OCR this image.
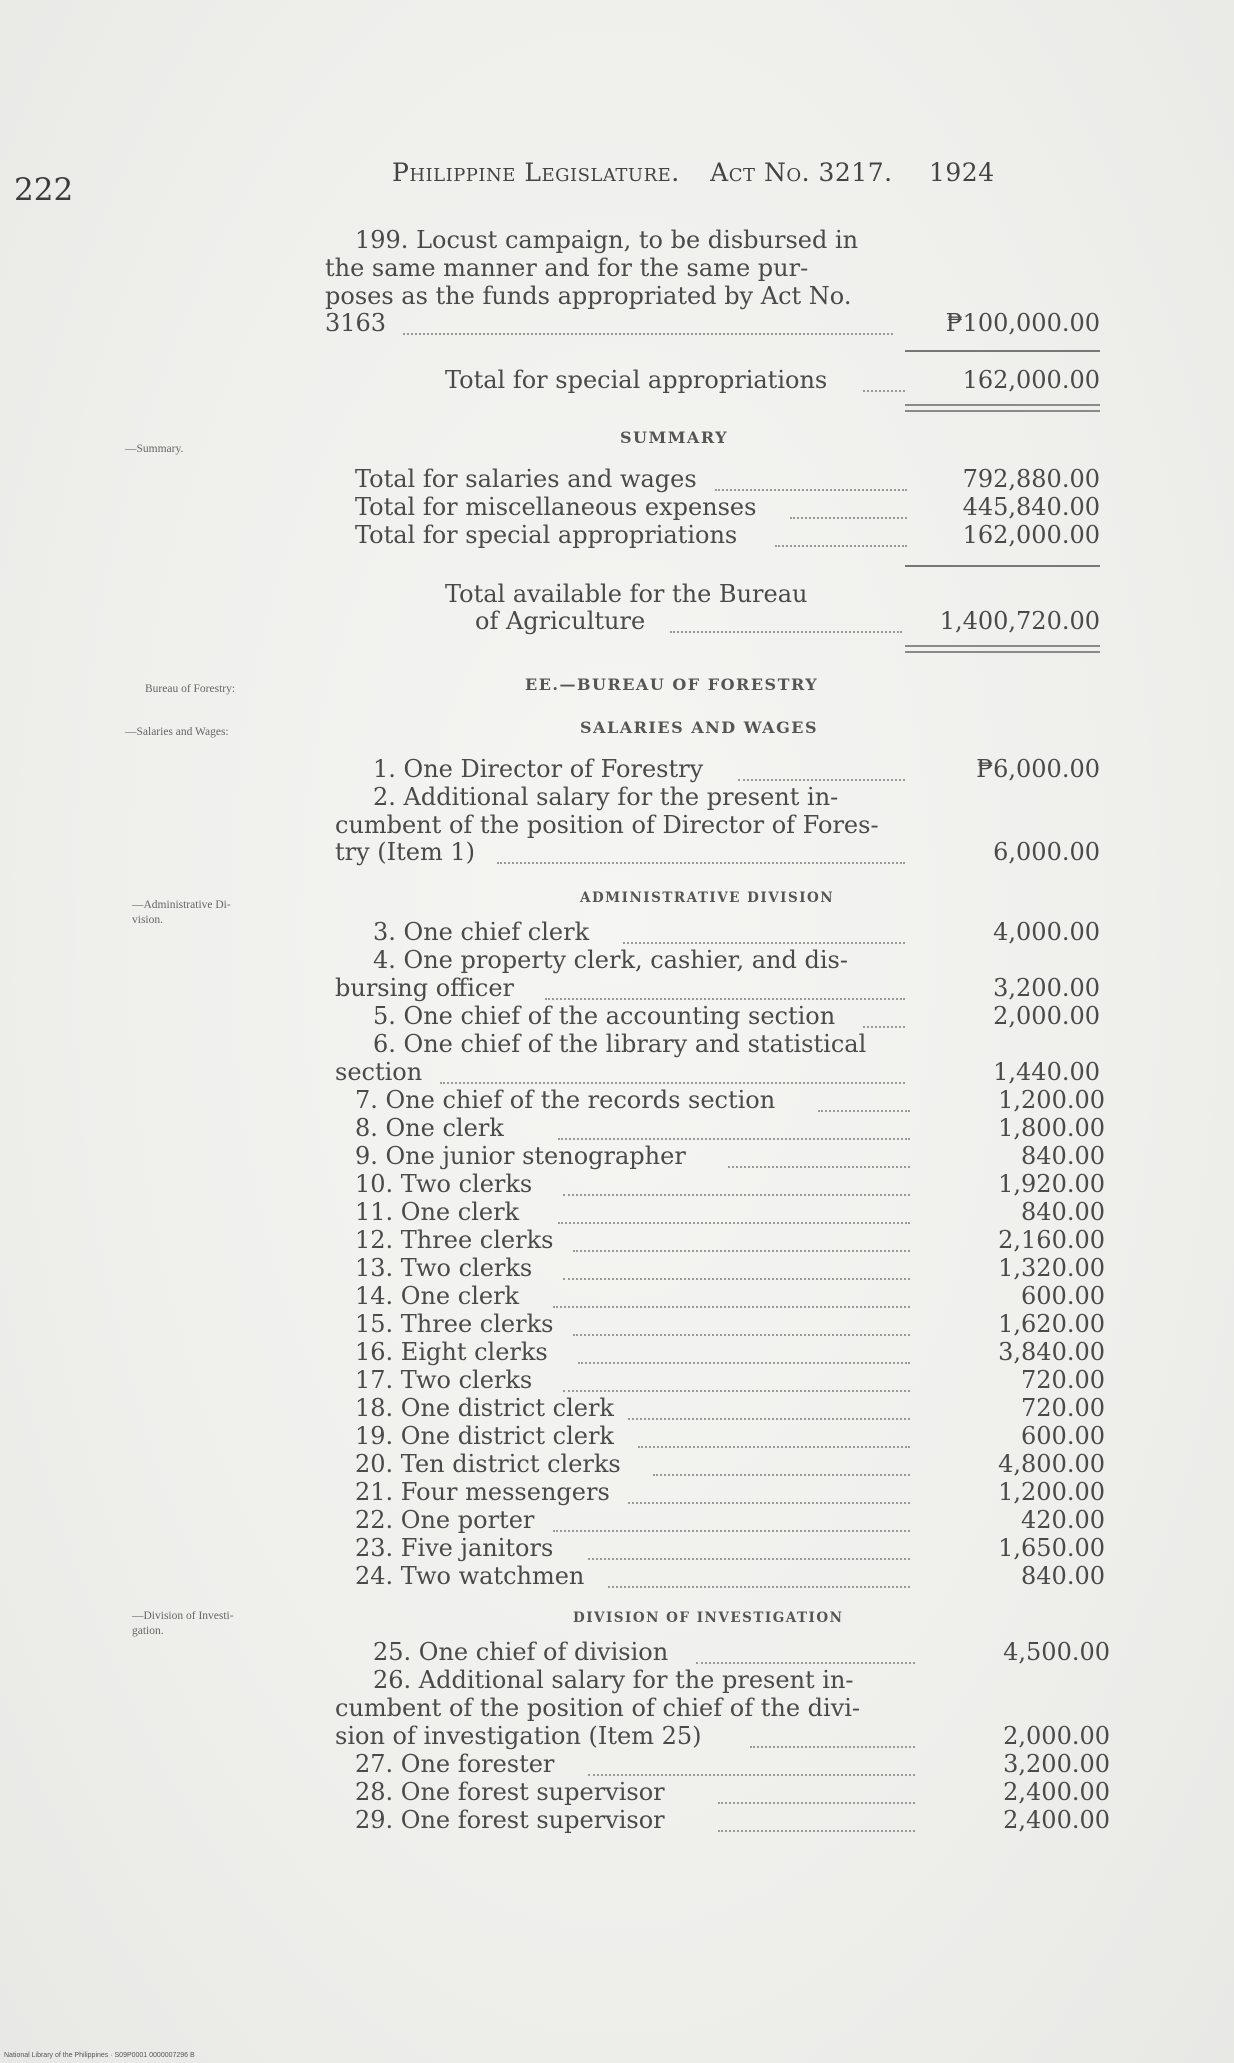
222	Philippine Legislature. Act No. 3217. 1924
199. Locust campaign, to be disbursed in
the same manner and for the same pur-
poses as the funds appropriated by Act No.
3163	₱100,000.00
Total for special appropriations	162,000.00
—Summary.
SUMMARY
Total for salaries and wages	792,880.00
Total for miscellaneous expenses	445,840.00
Total for special appropriations	162,000.00
Total available for the Bureau
of Agriculture	1,400,720.00
Bureau of Forestry:	EE.—BUREAU OF FORESTRY
—Salaries and Wages:	SALARIES AND WAGES
1. One Director of Forestry	₱6,000.00
2. Additional salary for the present in-
cumbent of the position of Director of Fores-
try (Item 1)	6,000.00
—Administrative Di-
vision.
ADMINISTRATIVE DIVISION
3. One chief clerk	4,000.00
4. One property clerk, cashier, and dis-
bursing officer	3,200.00
5. One chief of the accounting section	2,000.00
6. One chief of the library and statistical
section	1,440.00
7. One chief of the records section	1,200.00
8. One clerk	1,800.00
9. One junior stenographer	840.00
10. Two clerks	1,920.00
11. One clerk	840.00
12. Three clerks	2,160.00
13. Two clerks	1,320.00
14. One clerk	600.00
15. Three clerks	1,620.00
16. Eight clerks	3,840.00
17. Two clerks	720.00
18. One district clerk	720.00
19. One district clerk	600.00
20. Ten district clerks	4,800.00
21. Four messengers	1,200.00
22. One porter	420.00
23. Five janitors	1,650.00
24. Two watchmen	840.00
—Division of Investi-
gation.
DIVISION OF INVESTIGATION
25. One chief of division	4,500.00
26. Additional salary for the present in-
cumbent of the position of chief of the divi-
sion of investigation (Item 25)	2,000.00
27. One forester	3,200.00
28. One forest supervisor	2,400.00
29. One forest supervisor	2,400.00
National Library of the Philippines · S09P0001 0000007296 B
